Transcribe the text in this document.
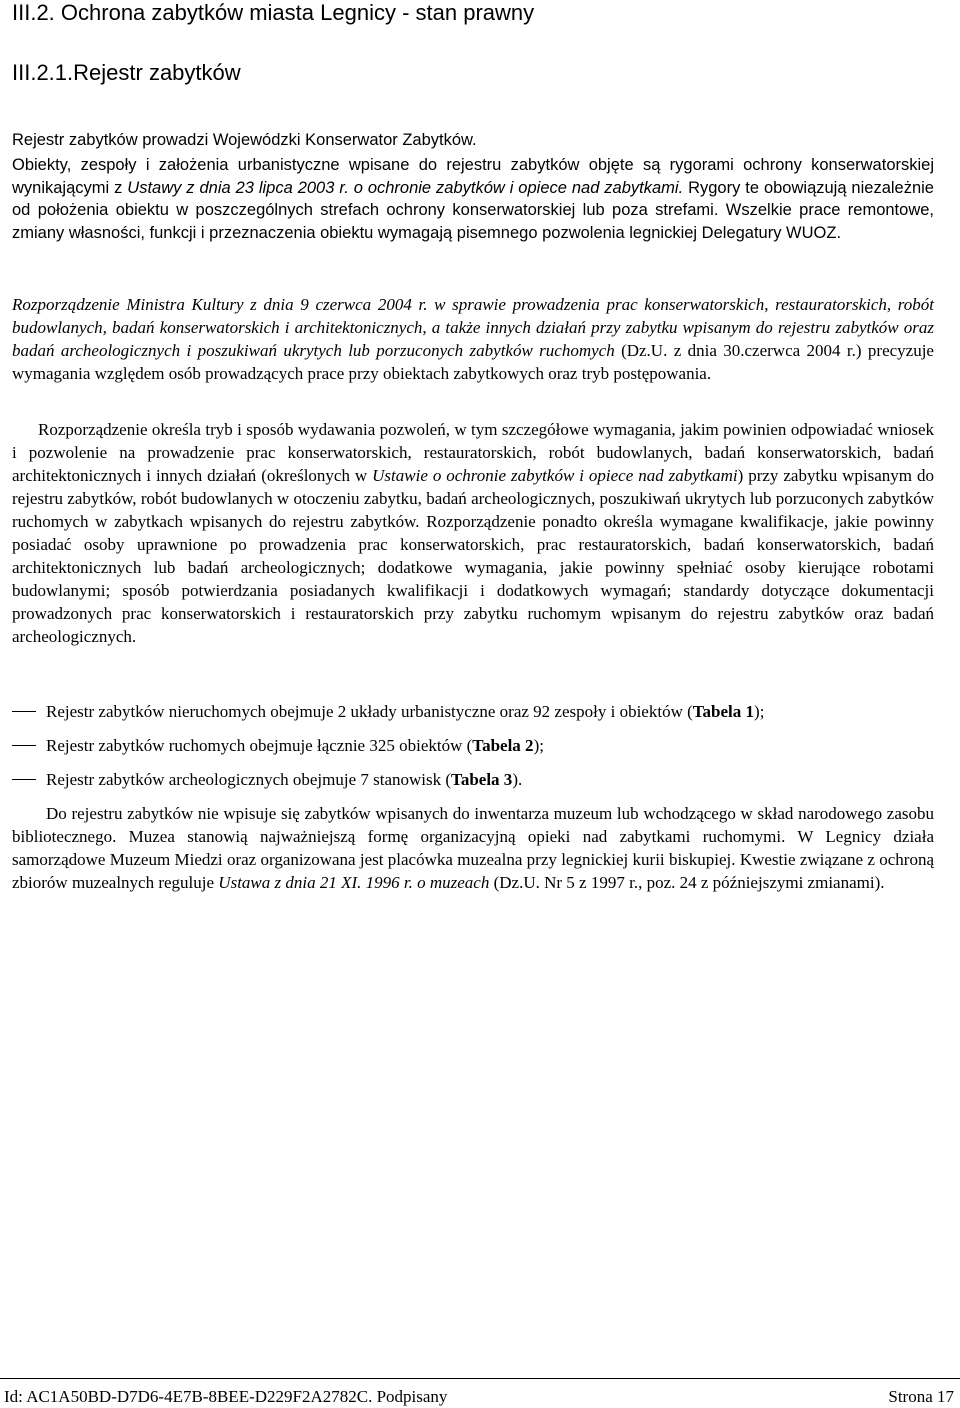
III.2. Ochrona zabytków miasta Legnicy - stan prawny
III.2.1.Rejestr zabytków

Rejestr zabytków prowadzi Wojewódzki Konserwator Zabytków.

Obiekty, zespoły i założenia urbanistyczne wpisane do rejestru zabytków objęte są rygorami ochrony konserwatorskiej wynikającymi z Ustawy z dnia 23 lipca 2003 r. o ochronie zabytków i opiece nad zabytkami. Rygory te obowiązują niezależnie od położenia obiektu w poszczególnych strefach ochrony konserwatorskiej lub poza strefami. Wszelkie prace remontowe, zmiany własności, funkcji i przeznaczenia obiektu wymagają pisemnego pozwolenia legnickiej Delegatury WUOZ.

Rozporządzenie Ministra Kultury z dnia 9 czerwca 2004 r. w sprawie prowadzenia prac konserwatorskich, restauratorskich, robót budowlanych, badań konserwatorskich i architektonicznych, a także innych działań przy zabytku wpisanym do rejestru zabytków oraz badań archeologicznych i poszukiwań ukrytych lub porzuconych zabytków ruchomych (Dz.U. z dnia 30.czerwca 2004 r.) precyzuje wymagania względem osób prowadzących prace przy obiektach zabytkowych oraz tryb postępowania.

Rozporządzenie określa tryb i sposób wydawania pozwoleń, w tym szczegółowe wymagania, jakim powinien odpowiadać wniosek i pozwolenie na prowadzenie prac konserwatorskich, restauratorskich, robót budowlanych, badań konserwatorskich, badań architektonicznych i innych działań (określonych w Ustawie o ochronie zabytków i opiece nad zabytkami) przy zabytku wpisanym do rejestru zabytków, robót budowlanych w otoczeniu zabytku, badań archeologicznych, poszukiwań ukrytych lub porzuconych zabytków ruchomych w zabytkach wpisanych do rejestru zabytków. Rozporządzenie ponadto określa wymagane kwalifikacje, jakie powinny posiadać osoby uprawnione po prowadzenia prac konserwatorskich, prac restauratorskich, badań konserwatorskich, badań architektonicznych lub badań archeologicznych; dodatkowe wymagania, jakie powinny spełniać osoby kierujące robotami budowlanymi; sposób potwierdzania posiadanych kwalifikacji i dodatkowych wymagań; standardy dotyczące dokumentacji prowadzonych prac konserwatorskich i restauratorskich przy zabytku ruchomym wpisanym do rejestru zabytków oraz badań archeologicznych.

Rejestr zabytków nieruchomych obejmuje 2 układy urbanistyczne oraz 92 zespoły i obiektów (Tabela 1);
Rejestr zabytków ruchomych obejmuje łącznie 325 obiektów (Tabela 2);
Rejestr zabytków archeologicznych obejmuje 7 stanowisk (Tabela 3).

Do rejestru zabytków nie wpisuje się zabytków wpisanych do inwentarza muzeum lub wchodzącego w skład narodowego zasobu bibliotecznego. Muzea stanowią najważniejszą formę organizacyjną opieki nad zabytkami ruchomymi. W Legnicy działa samorządowe Muzeum Miedzi oraz organizowana jest placówka muzealna przy legnickiej kurii biskupiej. Kwestie związane z ochroną zbiorów muzealnych reguluje Ustawa z dnia 21 XI. 1996 r. o muzeach (Dz.U. Nr 5 z 1997 r., poz. 24 z późniejszymi zmianami).

Id: AC1A50BD-D7D6-4E7B-8BEE-D229F2A2782C. Podpisany	Strona 17
